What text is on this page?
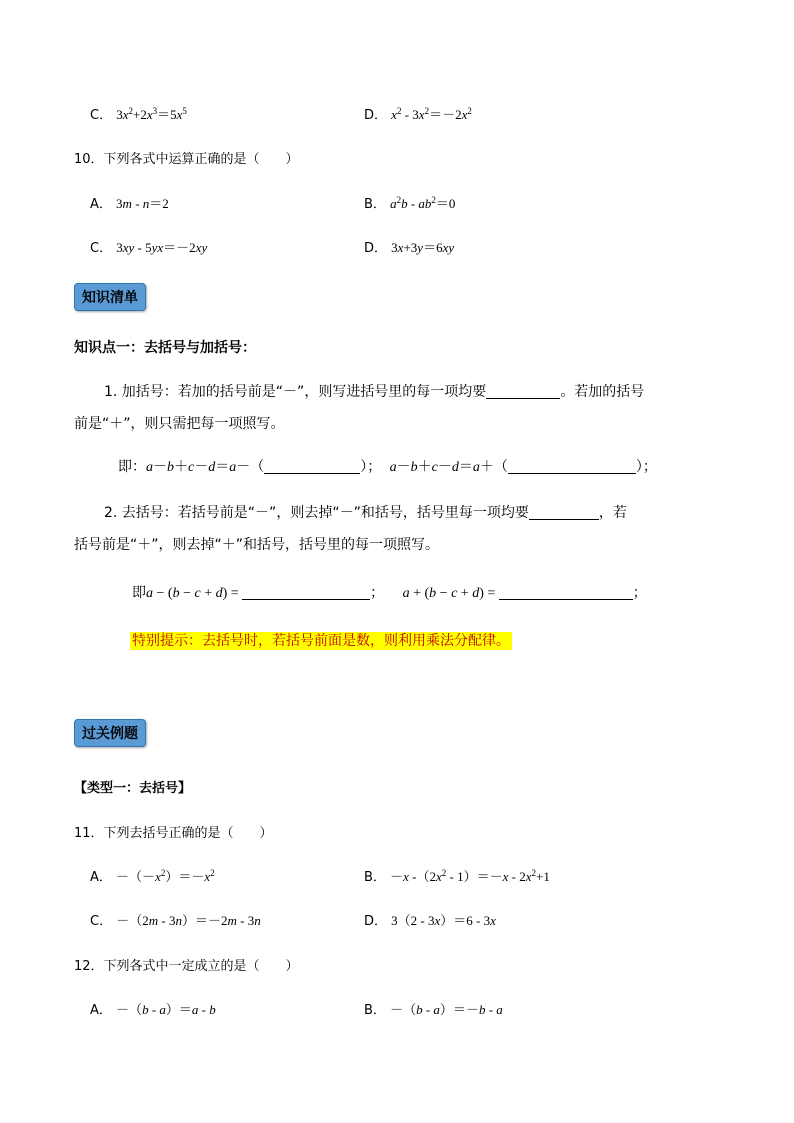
C． $3x^2+2x^3=5x^5$	D． $x^2 - 3x^2=-2x^2$
10．下列各式中运算正确的是（　　）
A． 3m - n＝2	B． $a^2b - ab^2=0$
C． 3xy - 5yx＝－2xy	D． 3x+3y＝6xy
知识清单
知识点一：去括号与加括号：
1. 加括号：若加的括号前是“－”，则写进括号里的每一项均要	。若加的括号
前是“＋”，则只需把每一项照写。
即：a－b＋c－d＝a－（	）； a－b＋c－d＝a＋（	）；
2. 去括号：若括号前是“－”，则去掉“－”和括号，括号里每一项均要	，若
括号前是“＋”，则去掉“＋”和括号，括号里的每一项照写。
即a − (b − c + d) =	； a + (b − c + d) =	；
特别提示：去括号时，若括号前面是数，则利用乘法分配律。
过关例题
【类型一：去括号】
11．下列去括号正确的是（　　）
A． $-(-x^2)=-x^2$	B． －x $-(2x^2 - 1)=-x - 2x^2+1$
C． －（2m - 3n）＝－2m - 3n	D． 3（2 - 3x）＝6 - 3x
12．下列各式中一定成立的是（　　）
A． －（b - a）＝a - b	B． －（b - a）＝－b - a
